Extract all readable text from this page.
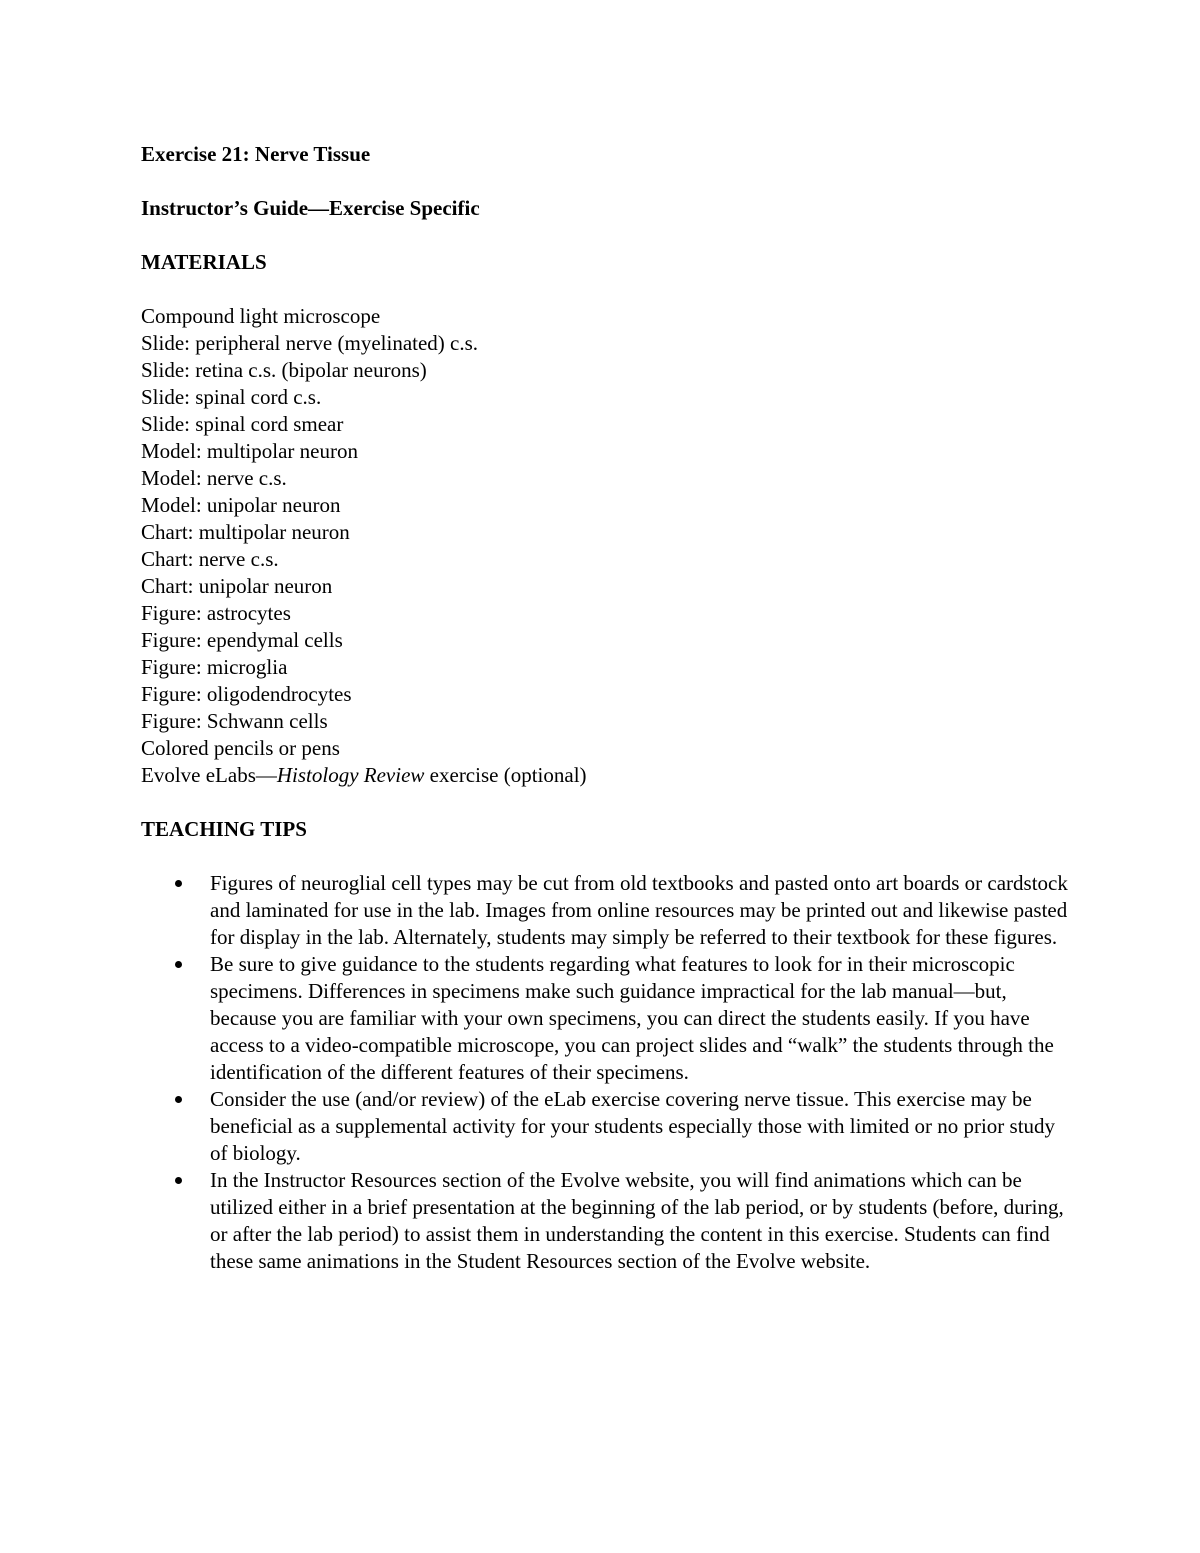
Exercise 21: Nerve Tissue

Instructor’s Guide—Exercise Specific

MATERIALS

Compound light microscope
Slide: peripheral nerve (myelinated) c.s.
Slide: retina c.s. (bipolar neurons)
Slide: spinal cord c.s.
Slide: spinal cord smear
Model: multipolar neuron
Model: nerve c.s.
Model: unipolar neuron
Chart: multipolar neuron
Chart: nerve c.s.
Chart: unipolar neuron
Figure: astrocytes
Figure: ependymal cells
Figure: microglia
Figure: oligodendrocytes
Figure: Schwann cells
Colored pencils or pens
Evolve eLabs—Histology Review exercise (optional)

TEACHING TIPS

Figures of neuroglial cell types may be cut from old textbooks and pasted onto art boards or cardstock and laminated for use in the lab. Images from online resources may be printed out and likewise pasted for display in the lab. Alternately, students may simply be referred to their textbook for these figures.
Be sure to give guidance to the students regarding what features to look for in their microscopic specimens. Differences in specimens make such guidance impractical for the lab manual—but, because you are familiar with your own specimens, you can direct the students easily. If you have access to a video-compatible microscope, you can project slides and “walk” the students through the identification of the different features of their specimens.
Consider the use (and/or review) of the eLab exercise covering nerve tissue. This exercise may be beneficial as a supplemental activity for your students especially those with limited or no prior study of biology.
In the Instructor Resources section of the Evolve website, you will find animations which can be utilized either in a brief presentation at the beginning of the lab period, or by students (before, during, or after the lab period) to assist them in understanding the content in this exercise. Students can find these same animations in the Student Resources section of the Evolve website.
